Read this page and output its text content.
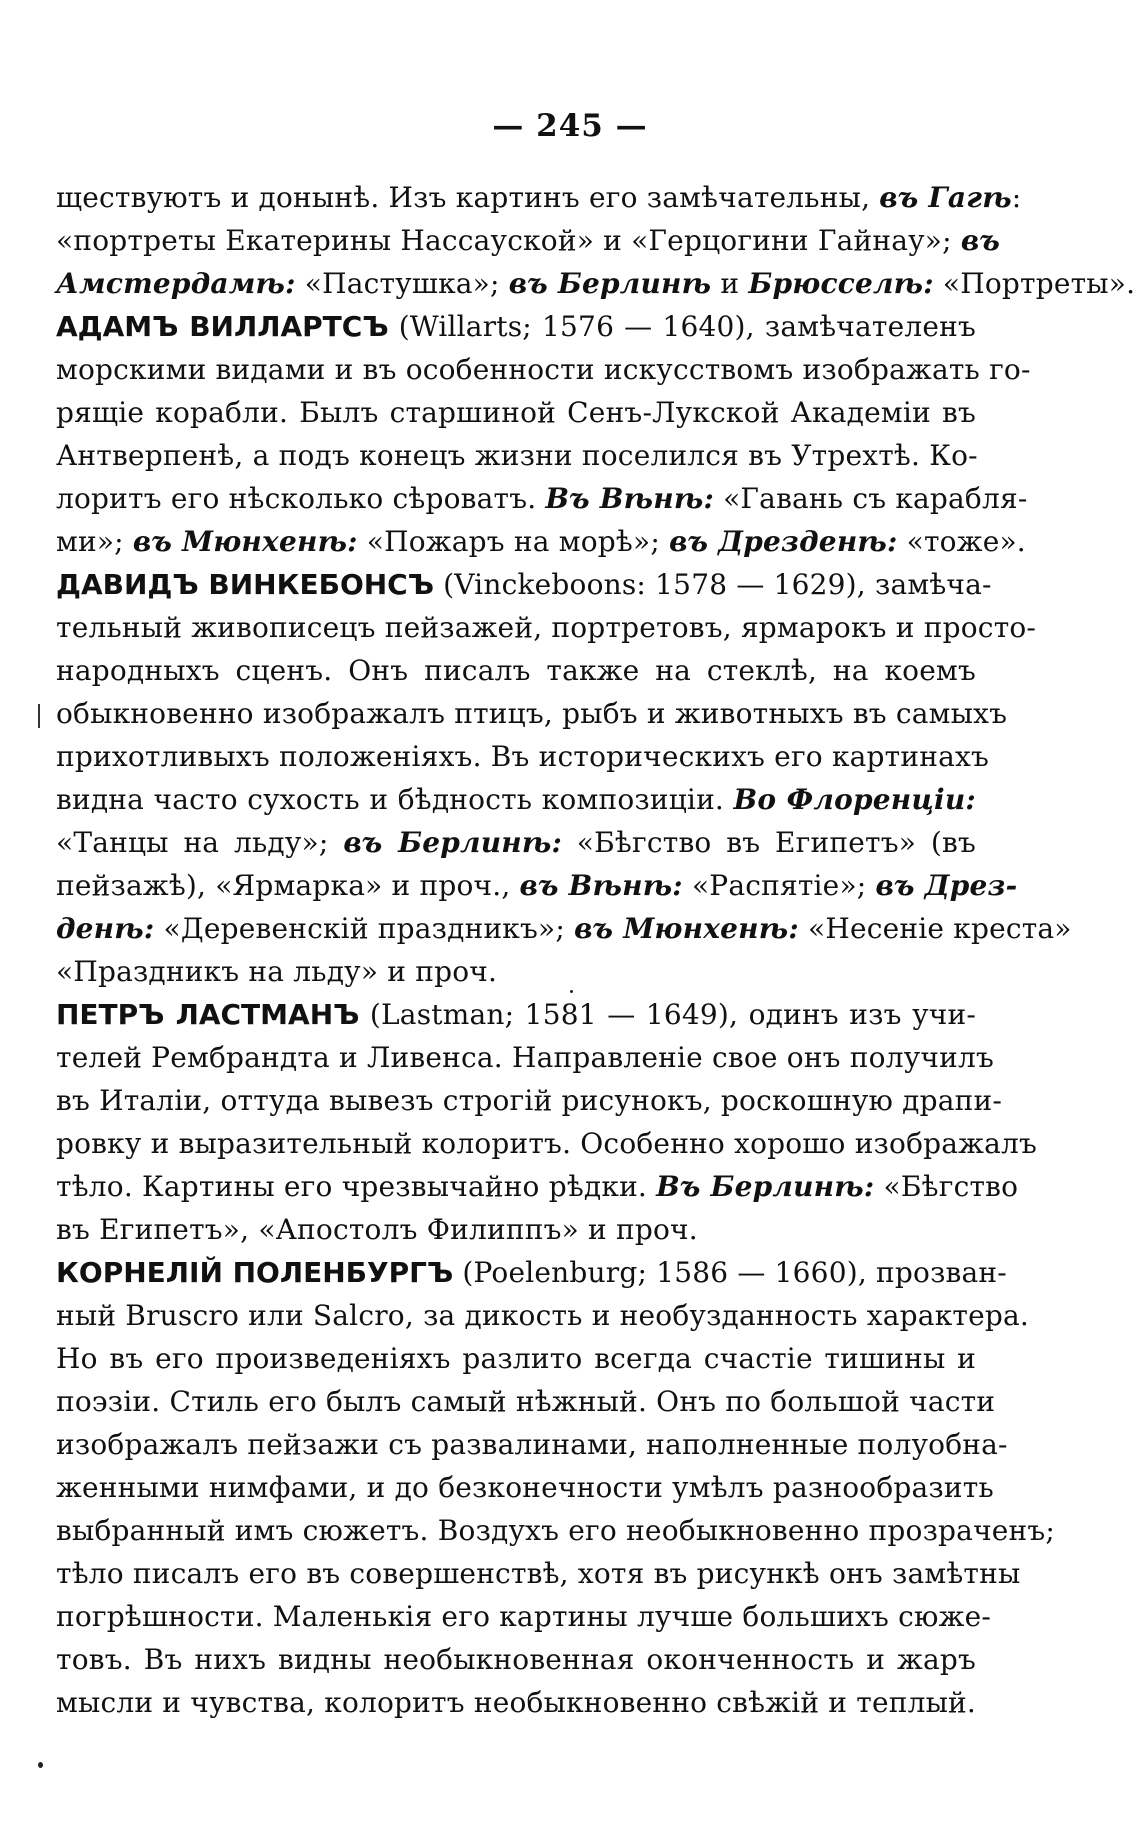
— 245 —
ществуютъ и донынѣ. Изъ картинъ его замѣчательны, въ Гагѣ:
«портреты Екатерины Нассауской» и «Герцогини Гайнау»; въ
Амстердамѣ: «Пастушка»; въ Берлинѣ и Брюсселѣ: «Портреты».
АДАМЪ ВИЛЛАРТСЪ (Willarts; 1576 — 1640), замѣчателенъ
морскими видами и въ особенности искусствомъ изображать го-
рящіе корабли. Былъ старшиной Сенъ-Лукской Академіи въ
Антверпенѣ, а подъ конецъ жизни поселился въ Утрехтѣ. Ко-
лоритъ его нѣсколько сѣроватъ. Въ Вѣнѣ: «Гавань съ карабля-
ми»; въ Мюнхенѣ: «Пожаръ на морѣ»; въ Дрезденѣ: «тоже».
ДАВИДЪ ВИНКЕБОНСЪ (Vinckeboons: 1578 — 1629), замѣча-
тельный живописецъ пейзажей, портретовъ, ярмарокъ и просто-
народныхъ сценъ. Онъ писалъ также на стеклѣ, на коемъ
обыкновенно изображалъ птицъ, рыбъ и животныхъ въ самыхъ
прихотливыхъ положеніяхъ. Въ историческихъ его картинахъ
видна часто сухость и бѣдность композиціи. Во Флоренціи:
«Танцы на льду»; въ Берлинѣ: «Бѣгство въ Египетъ» (въ
пейзажѣ), «Ярмарка» и проч., въ Вѣнѣ: «Распятіе»; въ Дрез-
денѣ: «Деревенскій праздникъ»; въ Мюнхенѣ: «Несеніе креста»
«Праздникъ на льду» и проч.
ПЕТРЪ ЛАСТМАНЪ (Lastman; 1581 — 1649), одинъ изъ учи-
телей Рембрандта и Ливенса. Направленіе свое онъ получилъ
въ Италіи, оттуда вывезъ строгій рисунокъ, роскошную драпи-
ровку и выразительный колоритъ. Особенно хорошо изображалъ
тѣло. Картины его чрезвычайно рѣдки. Въ Берлинѣ: «Бѣгство
въ Египетъ», «Апостолъ Филиппъ» и проч.
КОРНЕЛІЙ ПОЛЕНБУРГЪ (Poelenburg; 1586 — 1660), прозван-
ный Bruscro или Salcro, за дикость и необузданность характера.
Но въ его произведеніяхъ разлито всегда счастіе тишины и
поэзіи. Стиль его былъ самый нѣжный. Онъ по большой части
изображалъ пейзажи съ развалинами, наполненные полуобна-
женными нимфами, и до безконечности умѣлъ разнообразить
выбранный имъ сюжетъ. Воздухъ его необыкновенно прозраченъ;
тѣло писалъ его въ совершенствѣ, хотя въ рисункѣ онъ замѣтны
погрѣшности. Маленькія его картины лучше большихъ сюже-
товъ. Въ нихъ видны необыкновенная оконченность и жаръ
мысли и чувства, колоритъ необыкновенно свѣжій и теплый.
